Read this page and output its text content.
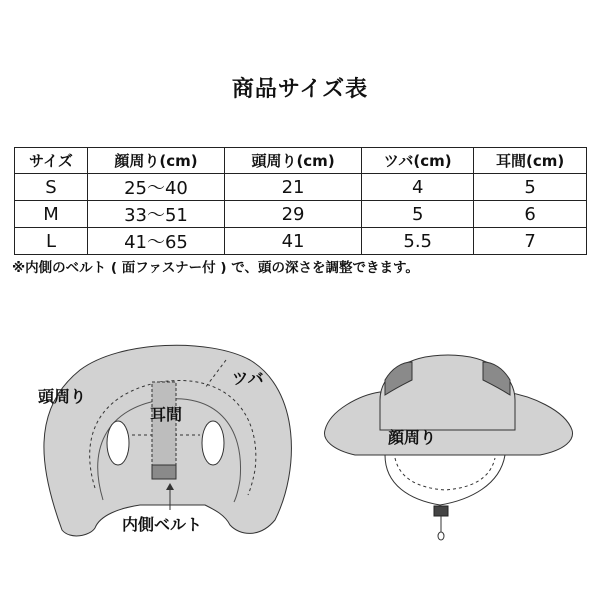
商品サイズ表
サイズ	顔周り(cm)	頭周り(cm)	ツバ(cm)	耳間(cm)
S	25〜40	21	4	5
M	33〜51	29	5	6
L	41〜65	41	5.5	7
※内側のベルト ( 面ファスナー付 ) で、頭の深さを調整できます。
頭周り
ツバ
耳間
内側ベルト
顔周り
